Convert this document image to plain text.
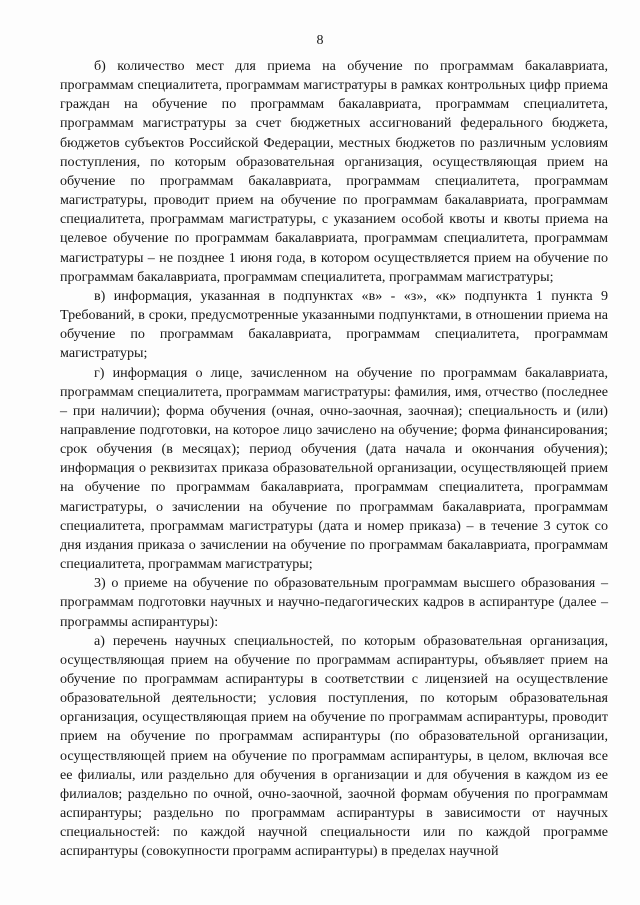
8

б) количество мест для приема на обучение по программам бакалавриата, программам специалитета, программам магистратуры в рамках контрольных цифр приема граждан на обучение по программам бакалавриата, программам специалитета, программам магистратуры за счет бюджетных ассигнований федерального бюджета, бюджетов субъектов Российской Федерации, местных бюджетов по различным условиям поступления, по которым образовательная организация, осуществляющая прием на обучение по программам бакалавриата, программам специалитета, программам магистратуры, проводит прием на обучение по программам бакалавриата, программам специалитета, программам магистратуры, с указанием особой квоты и квоты приема на целевое обучение по программам бакалавриата, программам специалитета, программам магистратуры – не позднее 1 июня года, в котором осуществляется прием на обучение по программам бакалавриата, программам специалитета, программам магистратуры;

в) информация, указанная в подпунктах «в» - «з», «к» подпункта 1 пункта 9 Требований, в сроки, предусмотренные указанными подпунктами, в отношении приема на обучение по программам бакалавриата, программам специалитета, программам магистратуры;

г) информация о лице, зачисленном на обучение по программам бакалавриата, программам специалитета, программам магистратуры: фамилия, имя, отчество (последнее – при наличии); форма обучения (очная, очно-заочная, заочная); специальность и (или) направление подготовки, на которое лицо зачислено на обучение; форма финансирования; срок обучения (в месяцах); период обучения (дата начала и окончания обучения); информация о реквизитах приказа образовательной организации, осуществляющей прием на обучение по программам бакалавриата, программам специалитета, программам магистратуры, о зачислении на обучение по программам бакалавриата, программам специалитета, программам магистратуры (дата и номер приказа) – в течение 3 суток со дня издания приказа о зачислении на обучение по программам бакалавриата, программам специалитета, программам магистратуры;

3) о приеме на обучение по образовательным программам высшего образования – программам подготовки научных и научно-педагогических кадров в аспирантуре (далее – программы аспирантуры):

а) перечень научных специальностей, по которым образовательная организация, осуществляющая прием на обучение по программам аспирантуры, объявляет прием на обучение по программам аспирантуры в соответствии с лицензией на осуществление образовательной деятельности; условия поступления, по которым образовательная организация, осуществляющая прием на обучение по программам аспирантуры, проводит прием на обучение по программам аспирантуры (по образовательной организации, осуществляющей прием на обучение по программам аспирантуры, в целом, включая все ее филиалы, или раздельно для обучения в организации и для обучения в каждом из ее филиалов; раздельно по очной, очно-заочной, заочной формам обучения по программам аспирантуры; раздельно по программам аспирантуры в зависимости от научных специальностей: по каждой научной специальности или по каждой программе аспирантуры (совокупности программ аспирантуры) в пределах научной
